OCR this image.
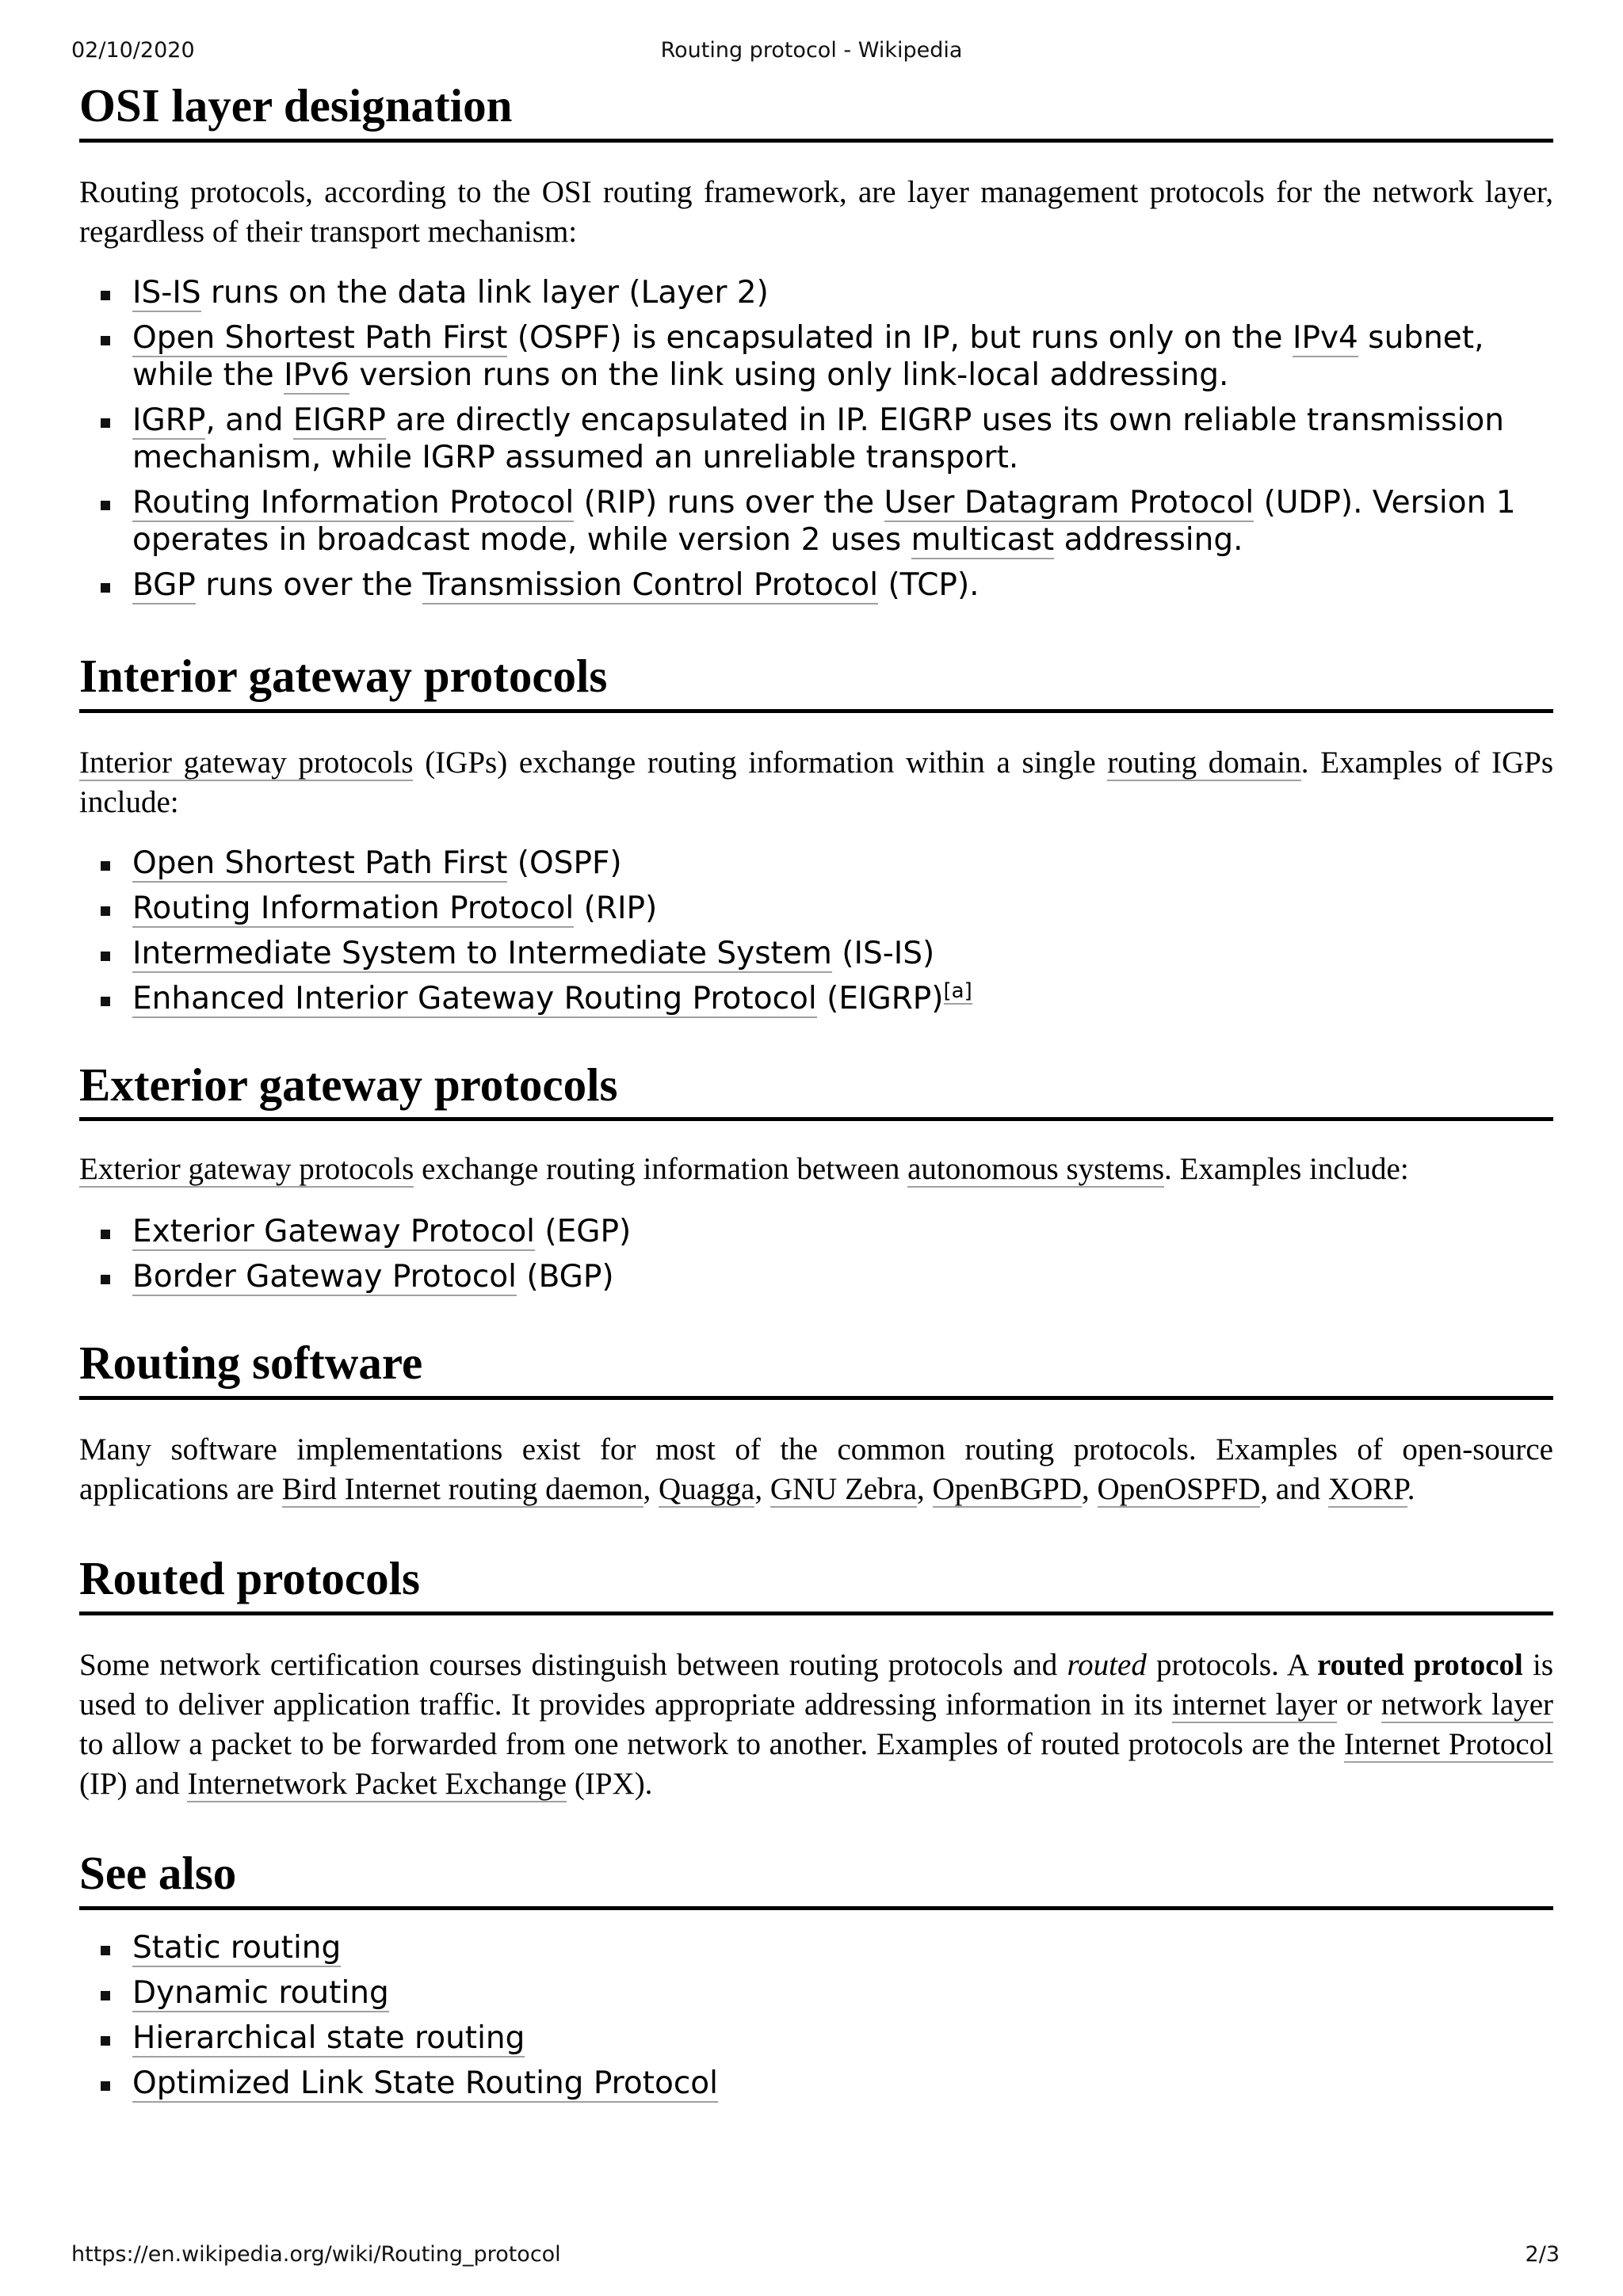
02/10/2020	Routing protocol - Wikipedia
OSI layer designation

Routing protocols, according to the OSI routing framework, are layer management protocols for the network layer, regardless of their transport mechanism:

IS-IS runs on the data link layer (Layer 2)
Open Shortest Path First (OSPF) is encapsulated in IP, but runs only on the IPv4 subnet, while the IPv6 version runs on the link using only link-local addressing.
IGRP, and EIGRP are directly encapsulated in IP. EIGRP uses its own reliable transmission mechanism, while IGRP assumed an unreliable transport.
Routing Information Protocol (RIP) runs over the User Datagram Protocol (UDP). Version 1 operates in broadcast mode, while version 2 uses multicast addressing.
BGP runs over the Transmission Control Protocol (TCP).
Interior gateway protocols

Interior gateway protocols (IGPs) exchange routing information within a single routing domain. Examples of IGPs include:

Open Shortest Path First (OSPF)
Routing Information Protocol (RIP)
Intermediate System to Intermediate System (IS-IS)
Enhanced Interior Gateway Routing Protocol (EIGRP)[a]
Exterior gateway protocols

Exterior gateway protocols exchange routing information between autonomous systems. Examples include:

Exterior Gateway Protocol (EGP)
Border Gateway Protocol (BGP)
Routing software

Many software implementations exist for most of the common routing protocols. Examples of open-source applications are Bird Internet routing daemon, Quagga, GNU Zebra, OpenBGPD, OpenOSPFD, and XORP.

Routed protocols

Some network certification courses distinguish between routing protocols and routed protocols. A routed protocol is used to deliver application traffic. It provides appropriate addressing information in its internet layer or network layer to allow a packet to be forwarded from one network to another. Examples of routed protocols are the Internet Protocol (IP) and Internetwork Packet Exchange (IPX).

See also
Static routing
Dynamic routing
Hierarchical state routing
Optimized Link State Routing Protocol
https://en.wikipedia.org/wiki/Routing_protocol	2/3
